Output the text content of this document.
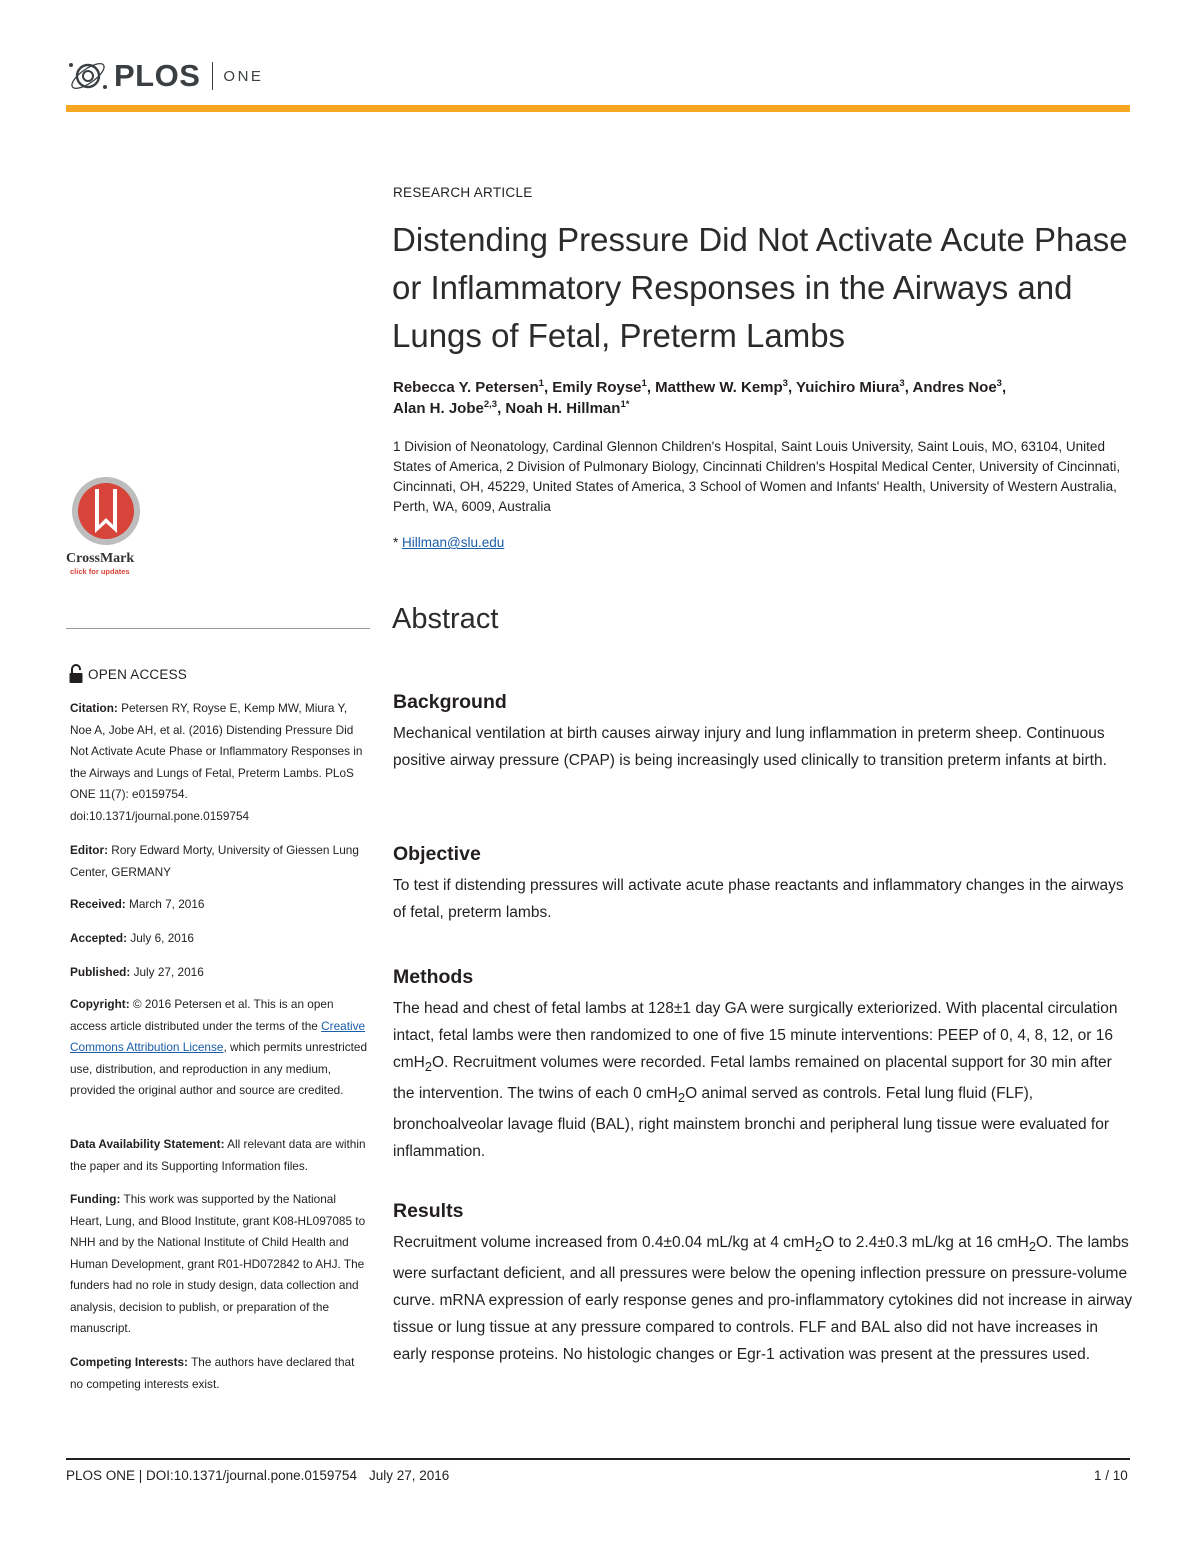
PLOS ONE
CrossMark
click for updates
OPEN ACCESS
Citation: Petersen RY, Royse E, Kemp MW, Miura Y, Noe A, Jobe AH, et al. (2016) Distending Pressure Did Not Activate Acute Phase or Inflammatory Responses in the Airways and Lungs of Fetal, Preterm Lambs. PLoS ONE 11(7): e0159754. doi:10.1371/journal.pone.0159754
Editor: Rory Edward Morty, University of Giessen Lung Center, GERMANY
Received: March 7, 2016
Accepted: July 6, 2016
Published: July 27, 2016
Copyright: © 2016 Petersen et al. This is an open access article distributed under the terms of the Creative Commons Attribution License, which permits unrestricted use, distribution, and reproduction in any medium, provided the original author and source are credited.
Data Availability Statement: All relevant data are within the paper and its Supporting Information files.
Funding: This work was supported by the National Heart, Lung, and Blood Institute, grant K08-HL097085 to NHH and by the National Institute of Child Health and Human Development, grant R01-HD072842 to AHJ. The funders had no role in study design, data collection and analysis, decision to publish, or preparation of the manuscript.
Competing Interests: The authors have declared that no competing interests exist.
RESEARCH ARTICLE
Distending Pressure Did Not Activate Acute Phase or Inflammatory Responses in the Airways and Lungs of Fetal, Preterm Lambs
Rebecca Y. Petersen$^1$, Emily Royse$^1$, Matthew W. Kemp$^3$, Yuichiro Miura$^3$, Andres Noe$^3$,
Alan H. Jobe$^{2,3}$, Noah H. Hillman$^{1*}$
1 Division of Neonatology, Cardinal Glennon Children's Hospital, Saint Louis University, Saint Louis, MO, 63104, United States of America, 2 Division of Pulmonary Biology, Cincinnati Children's Hospital Medical Center, University of Cincinnati, Cincinnati, OH, 45229, United States of America, 3 School of Women and Infants' Health, University of Western Australia, Perth, WA, 6009, Australia
* Hillman@slu.edu
Abstract
Background

Mechanical ventilation at birth causes airway injury and lung inflammation in preterm sheep. Continuous positive airway pressure (CPAP) is being increasingly used clinically to transition preterm infants at birth.

Objective

To test if distending pressures will activate acute phase reactants and inflammatory changes in the airways of fetal, preterm lambs.

Methods

The head and chest of fetal lambs at 128±1 day GA were surgically exteriorized. With placental circulation intact, fetal lambs were then randomized to one of five 15 minute interventions: PEEP of 0, 4, 8, 12, or 16 cmH$_2$O. Recruitment volumes were recorded. Fetal lambs remained on placental support for 30 min after the intervention. The twins of each 0 cmH$_2$O animal served as controls. Fetal lung fluid (FLF), bronchoalveolar lavage fluid (BAL), right mainstem bronchi and peripheral lung tissue were evaluated for inflammation.

Results

Recruitment volume increased from 0.4±0.04 mL/kg at 4 cmH$_2$O to 2.4±0.3 mL/kg at 16 cmH$_2$O. The lambs were surfactant deficient, and all pressures were below the opening inflection pressure on pressure-volume curve. mRNA expression of early response genes and pro-inflammatory cytokines did not increase in airway tissue or lung tissue at any pressure compared to controls. FLF and BAL also did not have increases in early response proteins. No histologic changes or Egr-1 activation was present at the pressures used.

PLOS ONE | DOI:10.1371/journal.pone.0159754 July 27, 2016	1 / 10
